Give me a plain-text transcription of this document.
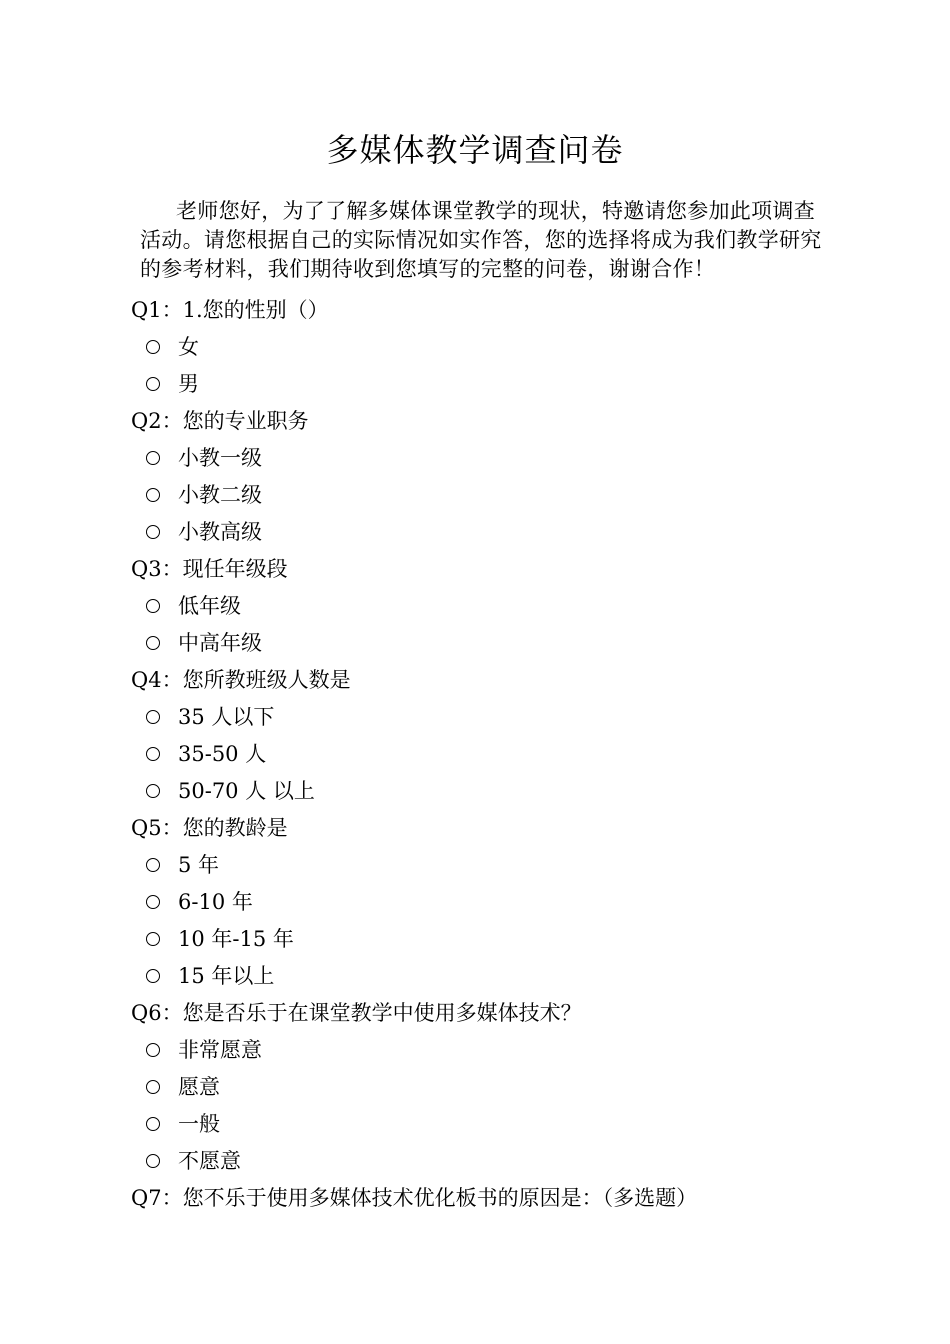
多媒体教学调查问卷

老师您好，为了了解多媒体课堂教学的现状，特邀请您参加此项调查活动。请您根据自己的实际情况如实作答，您的选择将成为我们教学研究的参考材料，我们期待收到您填写的完整的问卷，谢谢合作！

Q1：1.您的性别（）
女
男
Q2：您的专业职务
小教一级
小教二级
小教高级
Q3：现任年级段
低年级
中高年级
Q4：您所教班级人数是
35 人以下
35-50 人
50-70 人 以上
Q5：您的教龄是
5 年
6-10 年
10 年-15 年
15 年以上
Q6：您是否乐于在课堂教学中使用多媒体技术？
非常愿意
愿意
一般
不愿意
Q7：您不乐于使用多媒体技术优化板书的原因是：（多选题）
